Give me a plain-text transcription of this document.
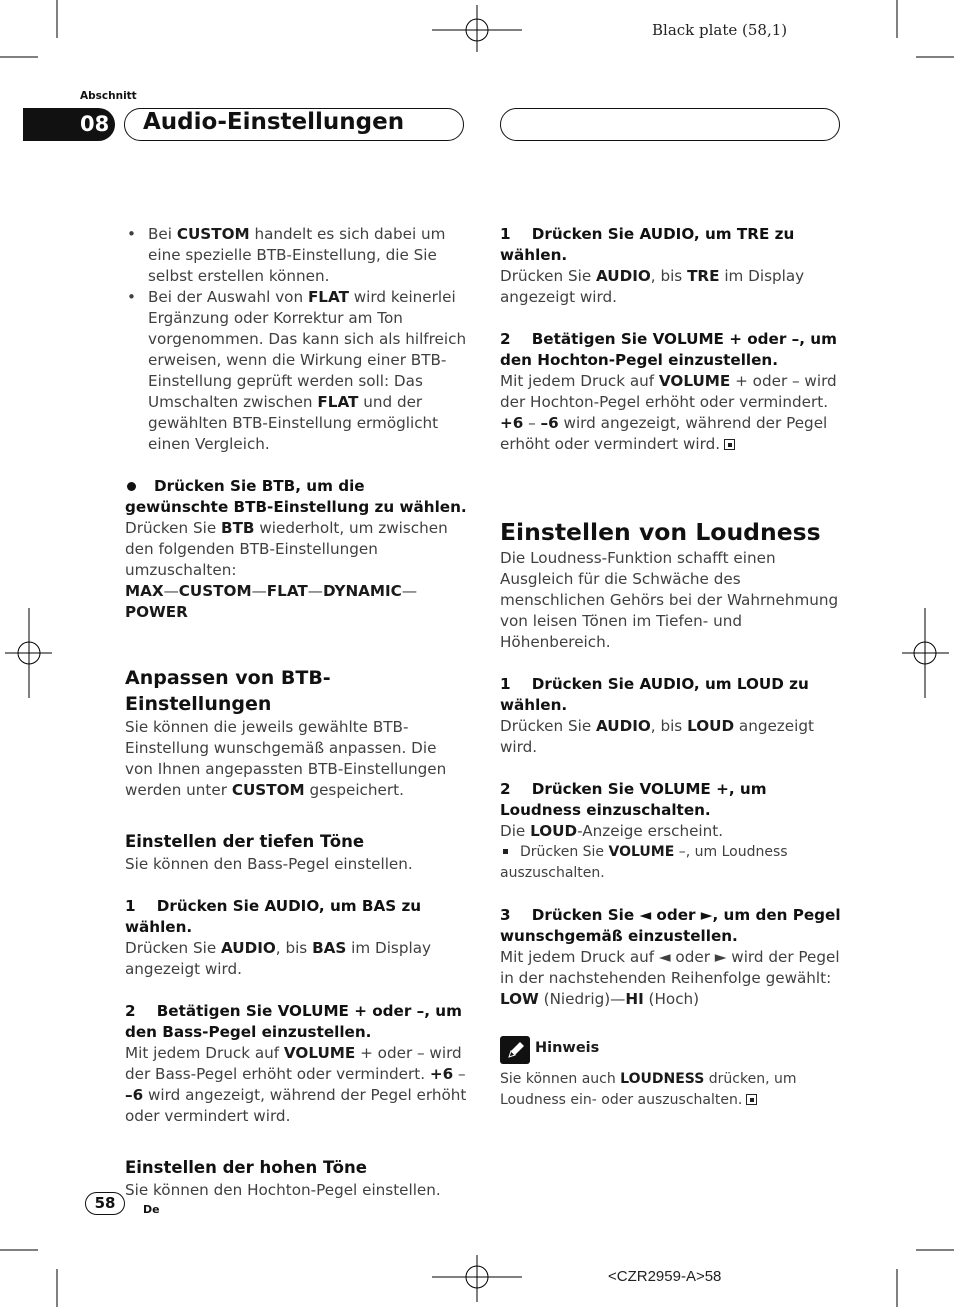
Black plate (58,1)
Abschnitt
08 Audio-Einstellungen
• Bei CUSTOM handelt es sich dabei um eine spezielle BTB-Einstellung, die Sie selbst erstellen können.
• Bei der Auswahl von FLAT wird keinerlei Ergänzung oder Korrektur am Ton vorgenommen. Das kann sich als hilfreich erweisen, wenn die Wirkung einer BTB-Einstellung geprüft werden soll: Das Umschalten zwischen FLAT und der gewählten BTB-Einstellung ermöglicht einen Vergleich.
Drücken Sie BTB, um die gewünschte BTB-Einstellung zu wählen.

Drücken Sie BTB wiederholt, um zwischen den folgenden BTB-Einstellungen umzuschalten:

MAX—CUSTOM—FLAT—DYNAMIC—POWER

Anpassen von BTB-Einstellungen

Sie können die jeweils gewählte BTB-Einstellung wunschgemäß anpassen. Die von Ihnen angepassten BTB-Einstellungen werden unter CUSTOM gespeichert.

Einstellen der tiefen Töne

Sie können den Bass-Pegel einstellen.

1    Drücken Sie AUDIO, um BAS zu wählen.

Drücken Sie AUDIO, bis BAS im Display angezeigt wird.

2    Betätigen Sie VOLUME + oder –, um den Bass-Pegel einzustellen.

Mit jedem Druck auf VOLUME + oder – wird der Bass-Pegel erhöht oder vermindert. +6 – –6 wird angezeigt, während der Pegel erhöht oder vermindert wird.

Einstellen der hohen Töne

Sie können den Hochton-Pegel einstellen.

1    Drücken Sie AUDIO, um TRE zu wählen.

Drücken Sie AUDIO, bis TRE im Display angezeigt wird.

2    Betätigen Sie VOLUME + oder –, um den Hochton-Pegel einzustellen.

Mit jedem Druck auf VOLUME + oder – wird der Hochton-Pegel erhöht oder vermindert. +6 – –6 wird angezeigt, während der Pegel erhöht oder vermindert wird.

Einstellen von Loudness

Die Loudness-Funktion schafft einen Ausgleich für die Schwäche des menschlichen Gehörs bei der Wahrnehmung von leisen Tönen im Tiefen- und Höhenbereich.

1    Drücken Sie AUDIO, um LOUD zu wählen.

Drücken Sie AUDIO, bis LOUD angezeigt wird.

2    Drücken Sie VOLUME +, um Loudness einzuschalten.

Die LOUD-Anzeige erscheint.

Drücken Sie VOLUME –, um Loudness auszuschalten.

3    Drücken Sie ◄ oder ►, um den Pegel wunschgemäß einzustellen.

Mit jedem Druck auf ◄ oder ► wird der Pegel in der nachstehenden Reihenfolge gewählt: LOW (Niedrig)—HI (Hoch)

Hinweis

Sie können auch LOUDNESS drücken, um Loudness ein- oder auszuschalten.

58	De
<CZR2959-A>58
